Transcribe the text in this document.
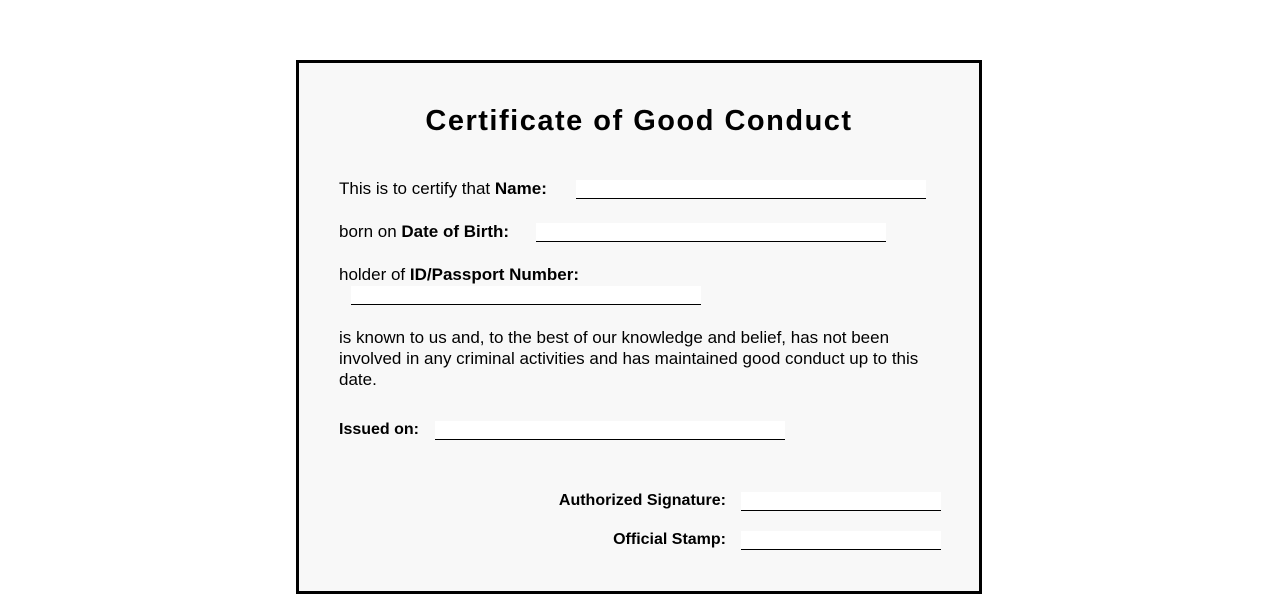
Certificate of Good Conduct
This is to certify that Name:
born on Date of Birth:
holder of ID/Passport Number:
is known to us and, to the best of our knowledge and belief, has not been involved in any criminal activities and has maintained good conduct up to this date.
Issued on:
Authorized Signature:
Official Stamp:
